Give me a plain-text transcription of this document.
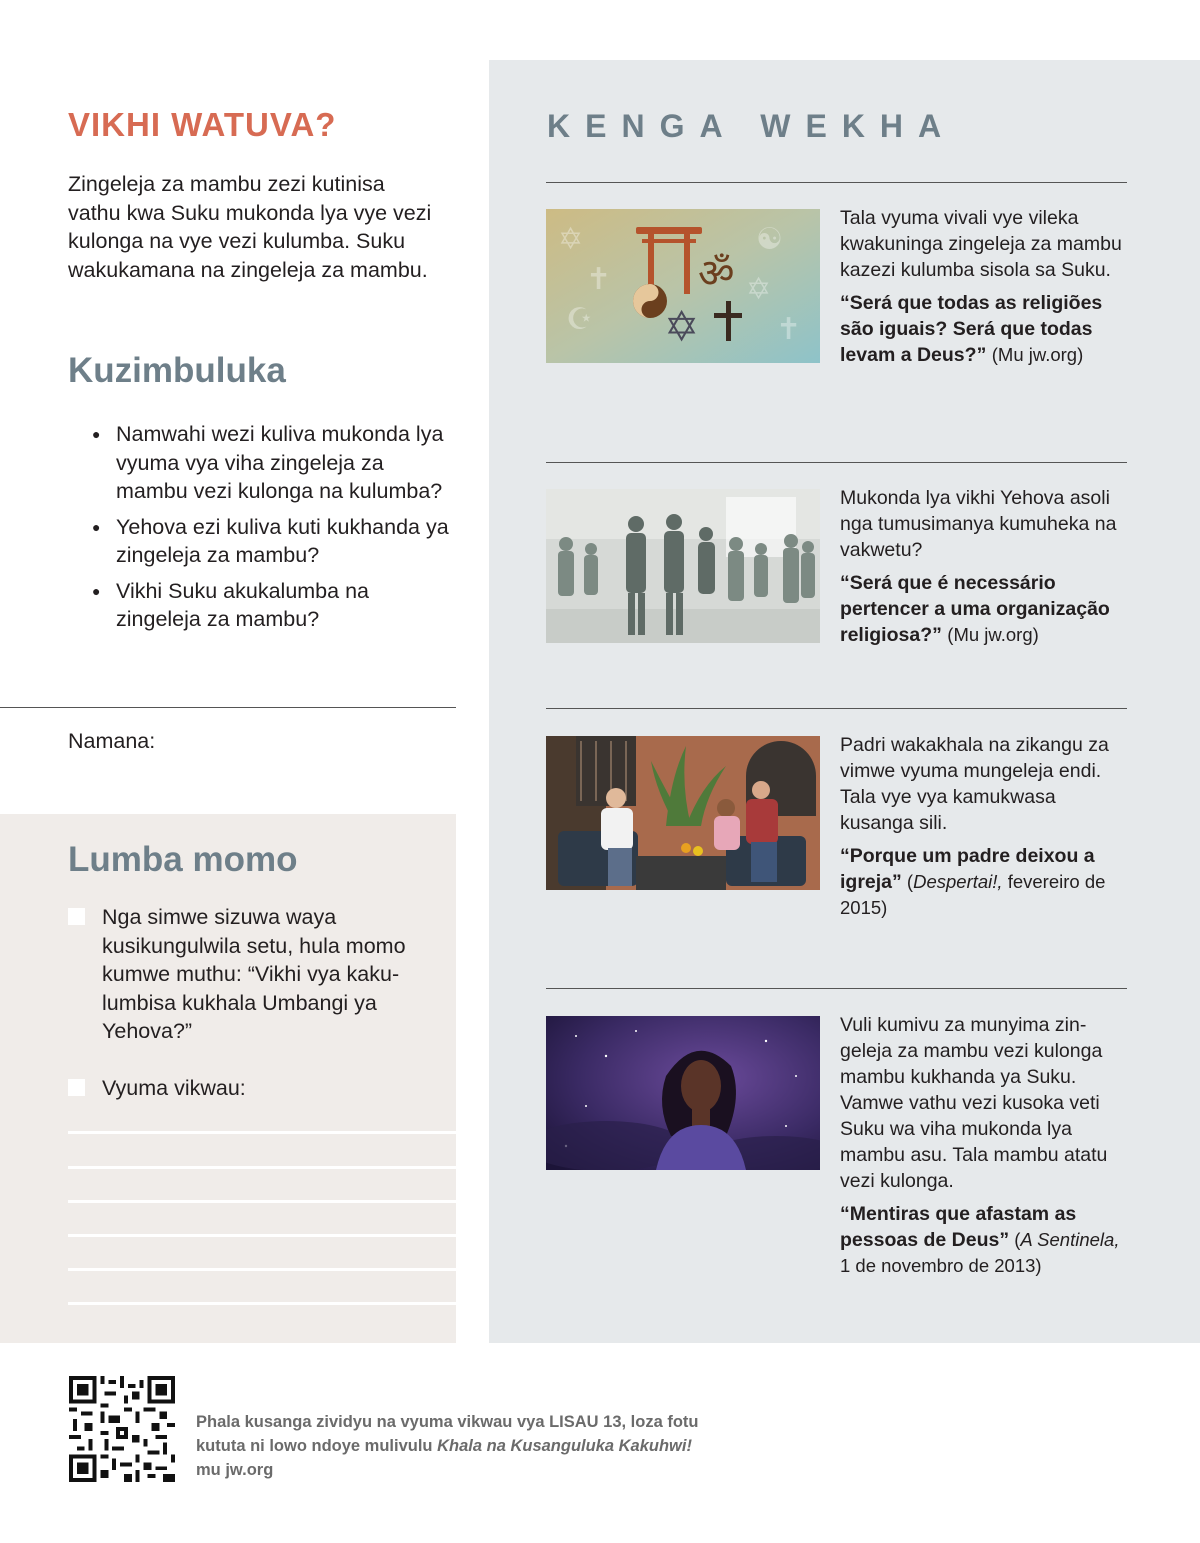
VIKHI WATUVA?

Zingeleja za mambu zezi kutinisa vathu kwa Suku mukonda lya vye vezi kulonga na vye vezi kulumba. Suku wakukamana na zingeleja za mambu.

Kuzimbuluka
● Namwahi wezi kuliva mukonda lya vyuma vya viha zingeleja za mambu vezi kulonga na kulumba?
● Yehova ezi kuliva kuti kukhanda ya zingeleja za mambu?
● Vikhi Suku akukalumba na zingeleja za mambu?
Namana:
Lumba momo
Nga simwe sizuwa waya kusikungulwila setu, hula momo kumwe muthu: “Vikhi vya kaku-lumbisa kukhala Umbangi ya Yehova?”
Vyuma vikwau:
KENGA WEKHA
✡	☯
☪	✝
✡
✝ ॐ
✡
Tala vyuma vivali vye vileka kwakuninga zingeleja za mambu kazezi kulumba sisola sa Suku.
“Será que todas as religiões são iguais? Será que todas levam a Deus?” (Mu jw.org)
Mukonda lya vikhi Yehova asoli nga tumusimanya kumuheka na vakwetu?
“Será que é necessário pertencer a uma organização religiosa?” (Mu jw.org)
Padri wakakhala na zikangu za vimwe vyuma mungeleja endi. Tala vye vya kamukwasa kusanga sili.
“Porque um padre deixou a igreja” (Despertai!, fevereiro de 2015)
Vuli kumivu za munyima zin-geleja za mambu vezi kulonga mambu kukhanda ya Suku. Vamwe vathu vezi kusoka veti Suku wa viha mukonda lya mambu asu. Tala mambu atatu vezi kulonga.
“Mentiras que afastam as pessoas de Deus” (A Sentinela, 1 de novembro de 2013)

Phala kusanga zividyu na vyuma vikwau vya LISAU 13, loza fotu kututa ni lowo ndoye mulivulu Khala na Kusanguluka Kakuhwi! mu jw.org
